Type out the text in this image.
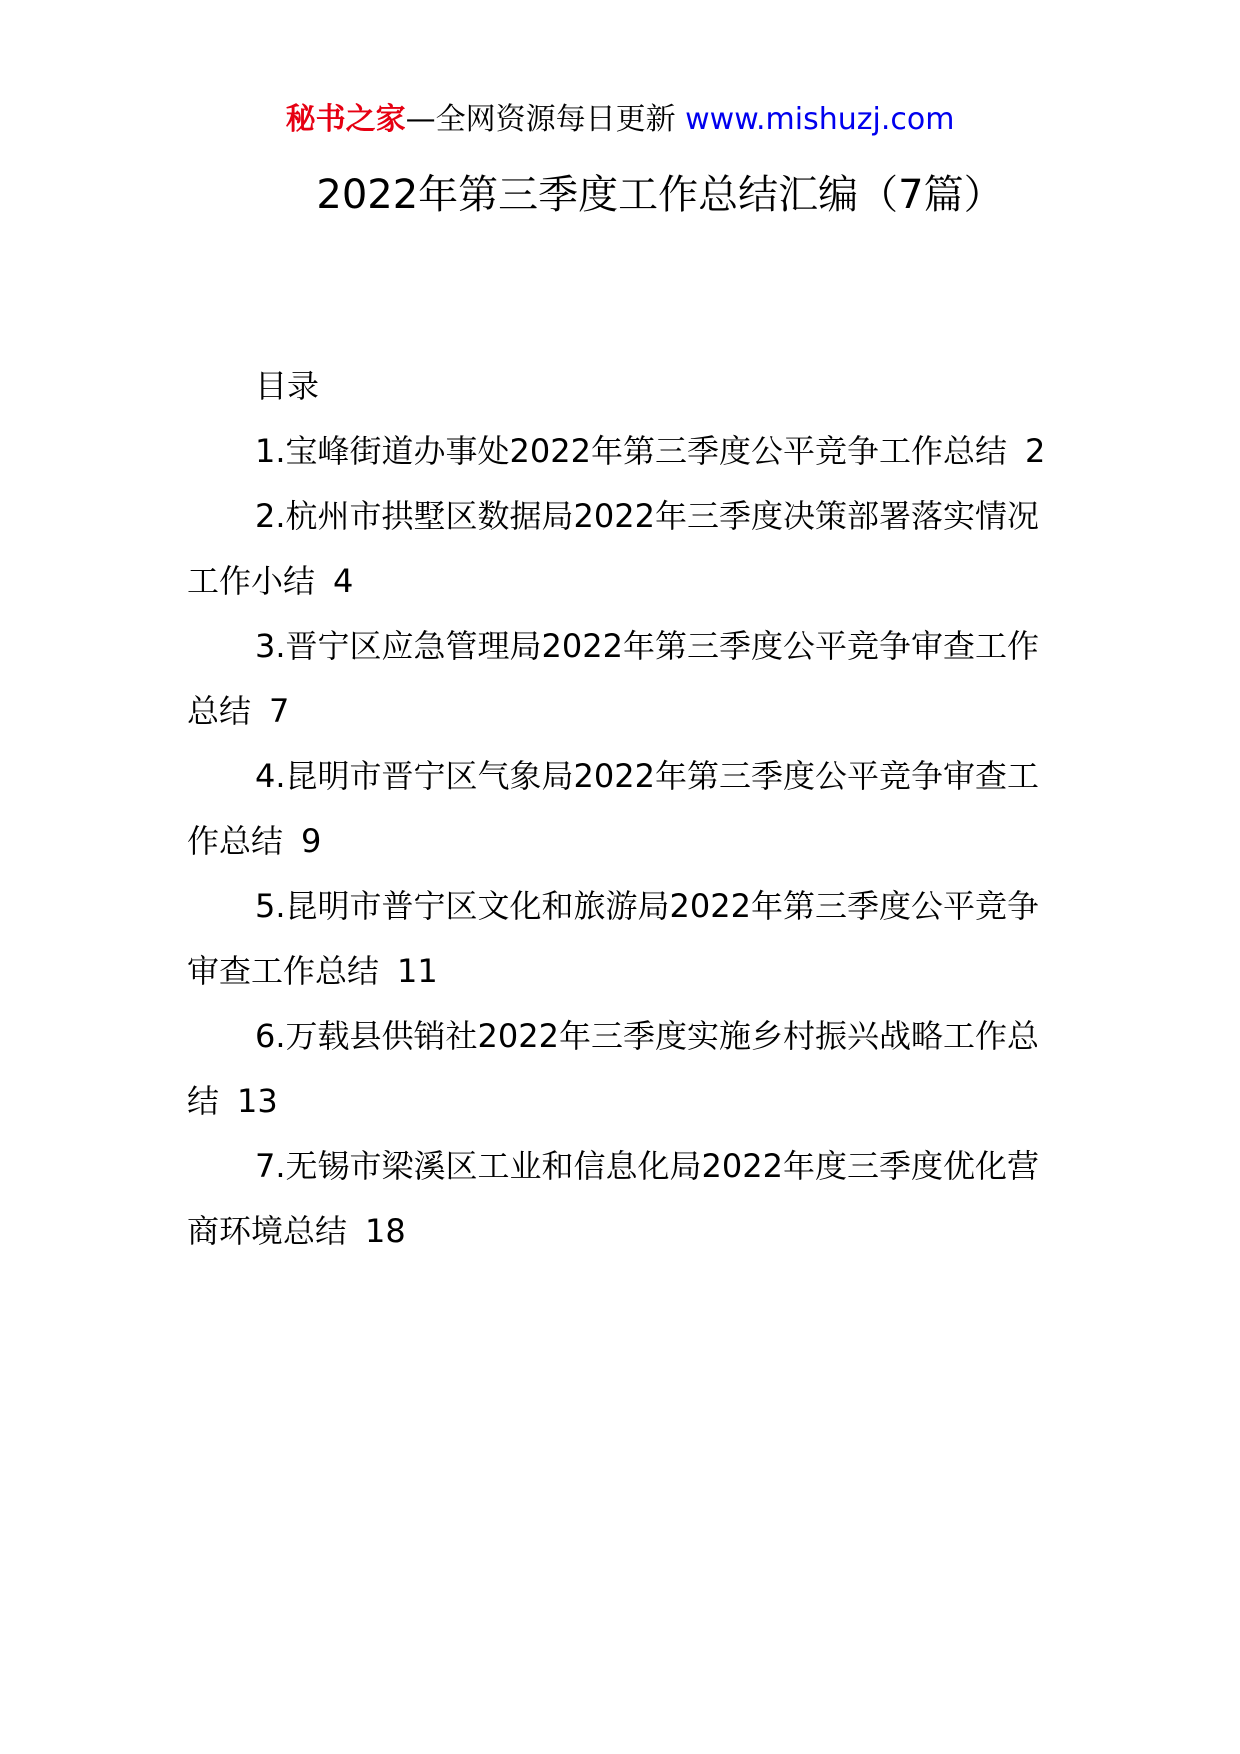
秘书之家—全网资源每日更新 www.mishuzj.com
2022年第三季度工作总结汇编（7篇）

目录

1.宝峰街道办事处2022年第三季度公平竞争工作总结 2

2.杭州市拱墅区数据局2022年三季度决策部署落实情况工作小结 4

3.晋宁区应急管理局2022年第三季度公平竞争审查工作总结 7

4.昆明市晋宁区气象局2022年第三季度公平竞争审查工作总结 9

5.昆明市普宁区文化和旅游局2022年第三季度公平竞争审查工作总结 11

6.万载县供销社2022年三季度实施乡村振兴战略工作总结 13

7.无锡市梁溪区工业和信息化局2022年度三季度优化营商环境总结 18
